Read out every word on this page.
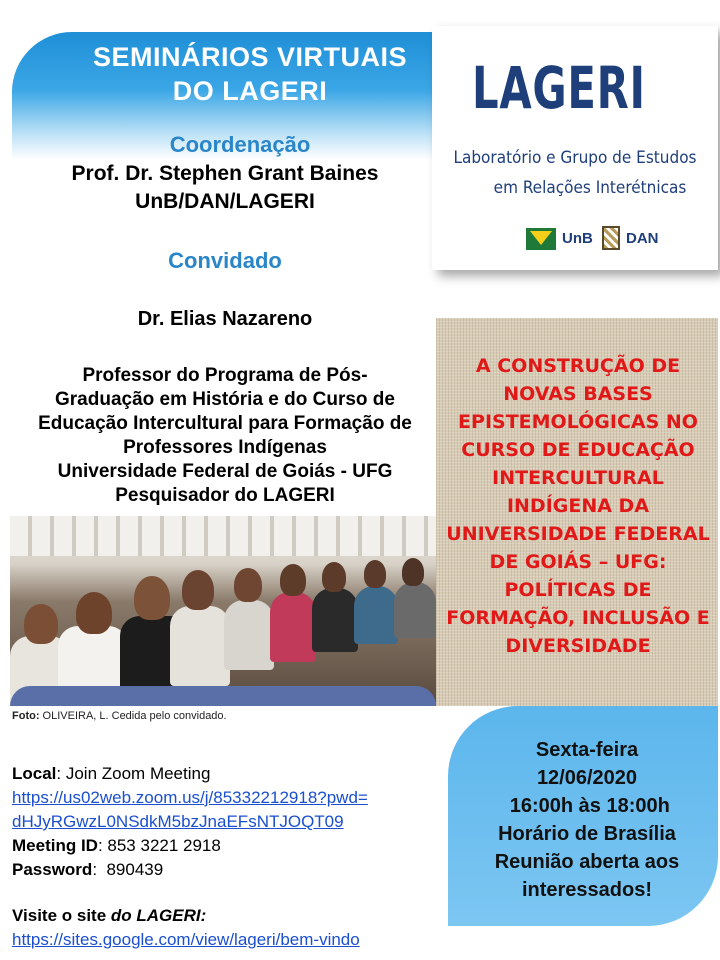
SEMINÁRIOS VIRTUAIS
DO LAGERI
Coordenação
Prof. Dr. Stephen Grant Baines
UnB/DAN/LAGERI
Convidado
Dr. Elias Nazareno
Professor do Programa de Pós-
Graduação em História e do Curso de
Educação Intercultural para Formação de
Professores Indígenas
Universidade Federal de Goiás - UFG
Pesquisador do LAGERI
LAGERI
Laboratório e Grupo de Estudos
em Relações Interétnicas
UnB DAN
A CONSTRUÇÃO DE
NOVAS BASES
EPISTEMOLÓGICAS NO
CURSO DE EDUCAÇÃO
INTERCULTURAL
INDÍGENA DA
UNIVERSIDADE FEDERAL
DE GOIÁS – UFG:
POLÍTICAS DE
FORMAÇÃO, INCLUSÃO E
DIVERSIDADE
Foto: OLIVEIRA, L. Cedida pelo convidado.
Sexta-feira
12/06/2020
16:00h às 18:00h
Horário de Brasília
Reunião aberta aos
interessados!
Local: Join Zoom Meeting
https://us02web.zoom.us/j/85332212918?pwd=
dHJyRGwzL0NSdkM5bzJnaEFsNTJOQT09
Meeting ID: 853 3221 2918
Password:  890439
Visite o site do LAGERI:
https://sites.google.com/view/lageri/bem-vindo
